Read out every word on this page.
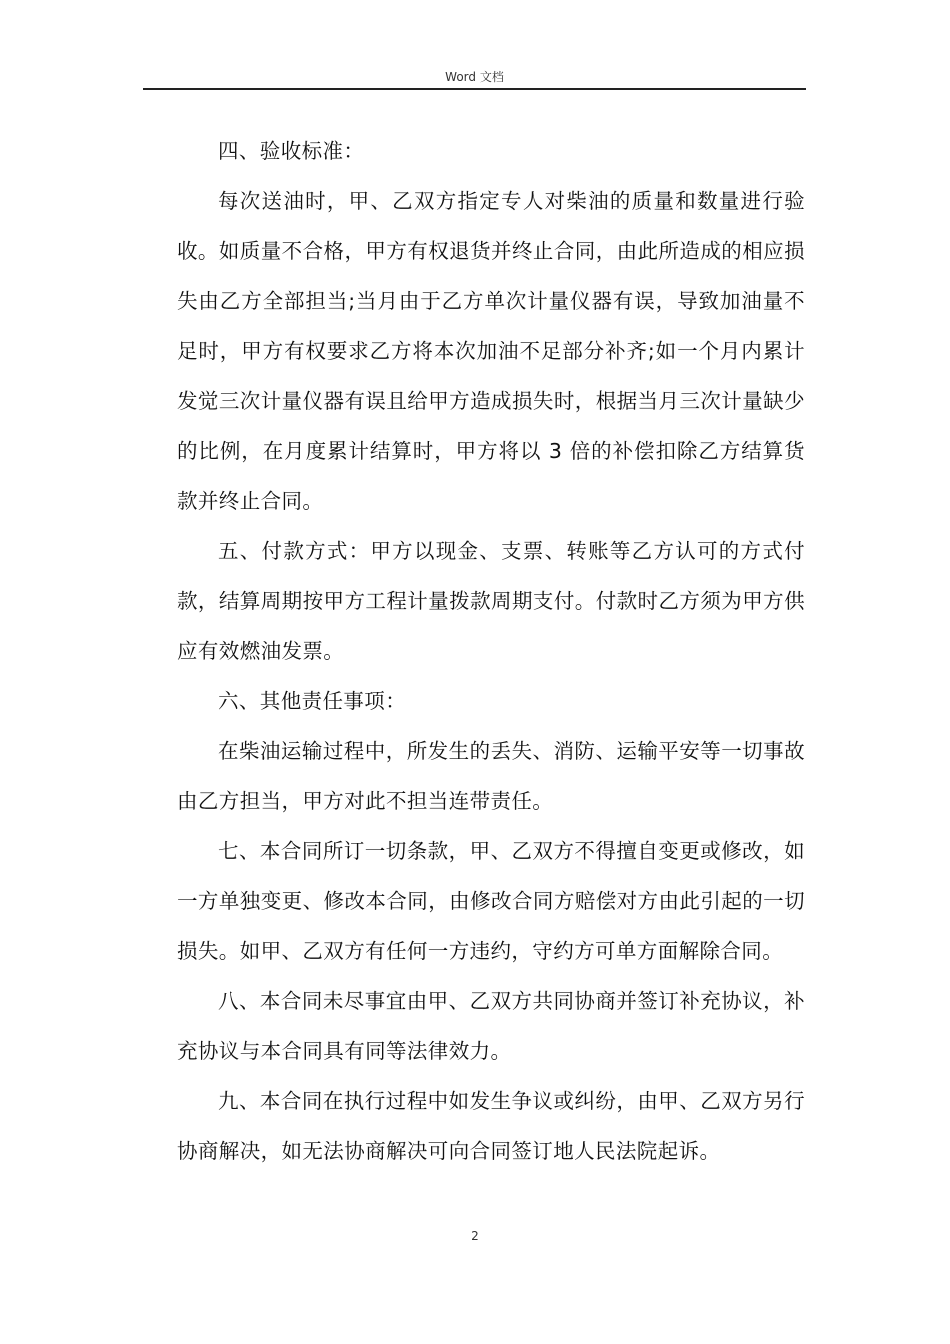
Word 文档

四、验收标准：

每次送油时，甲、乙双方指定专人对柴油的质量和数量进行验收。如质量不合格，甲方有权退货并终止合同，由此所造成的相应损失由乙方全部担当;当月由于乙方单次计量仪器有误，导致加油量不足时，甲方有权要求乙方将本次加油不足部分补齐;如一个月内累计发觉三次计量仪器有误且给甲方造成损失时，根据当月三次计量缺少的比例，在月度累计结算时，甲方将以 3 倍的补偿扣除乙方结算货款并终止合同。

五、付款方式：甲方以现金、支票、转账等乙方认可的方式付款，结算周期按甲方工程计量拨款周期支付。付款时乙方须为甲方供应有效燃油发票。

六、其他责任事项：

在柴油运输过程中，所发生的丢失、消防、运输平安等一切事故由乙方担当，甲方对此不担当连带责任。

七、本合同所订一切条款，甲、乙双方不得擅自变更或修改，如一方单独变更、修改本合同，由修改合同方赔偿对方由此引起的一切损失。如甲、乙双方有任何一方违约，守约方可单方面解除合同。

八、本合同未尽事宜由甲、乙双方共同协商并签订补充协议，补充协议与本合同具有同等法律效力。

九、本合同在执行过程中如发生争议或纠纷，由甲、乙双方另行协商解决，如无法协商解决可向合同签订地人民法院起诉。

2
